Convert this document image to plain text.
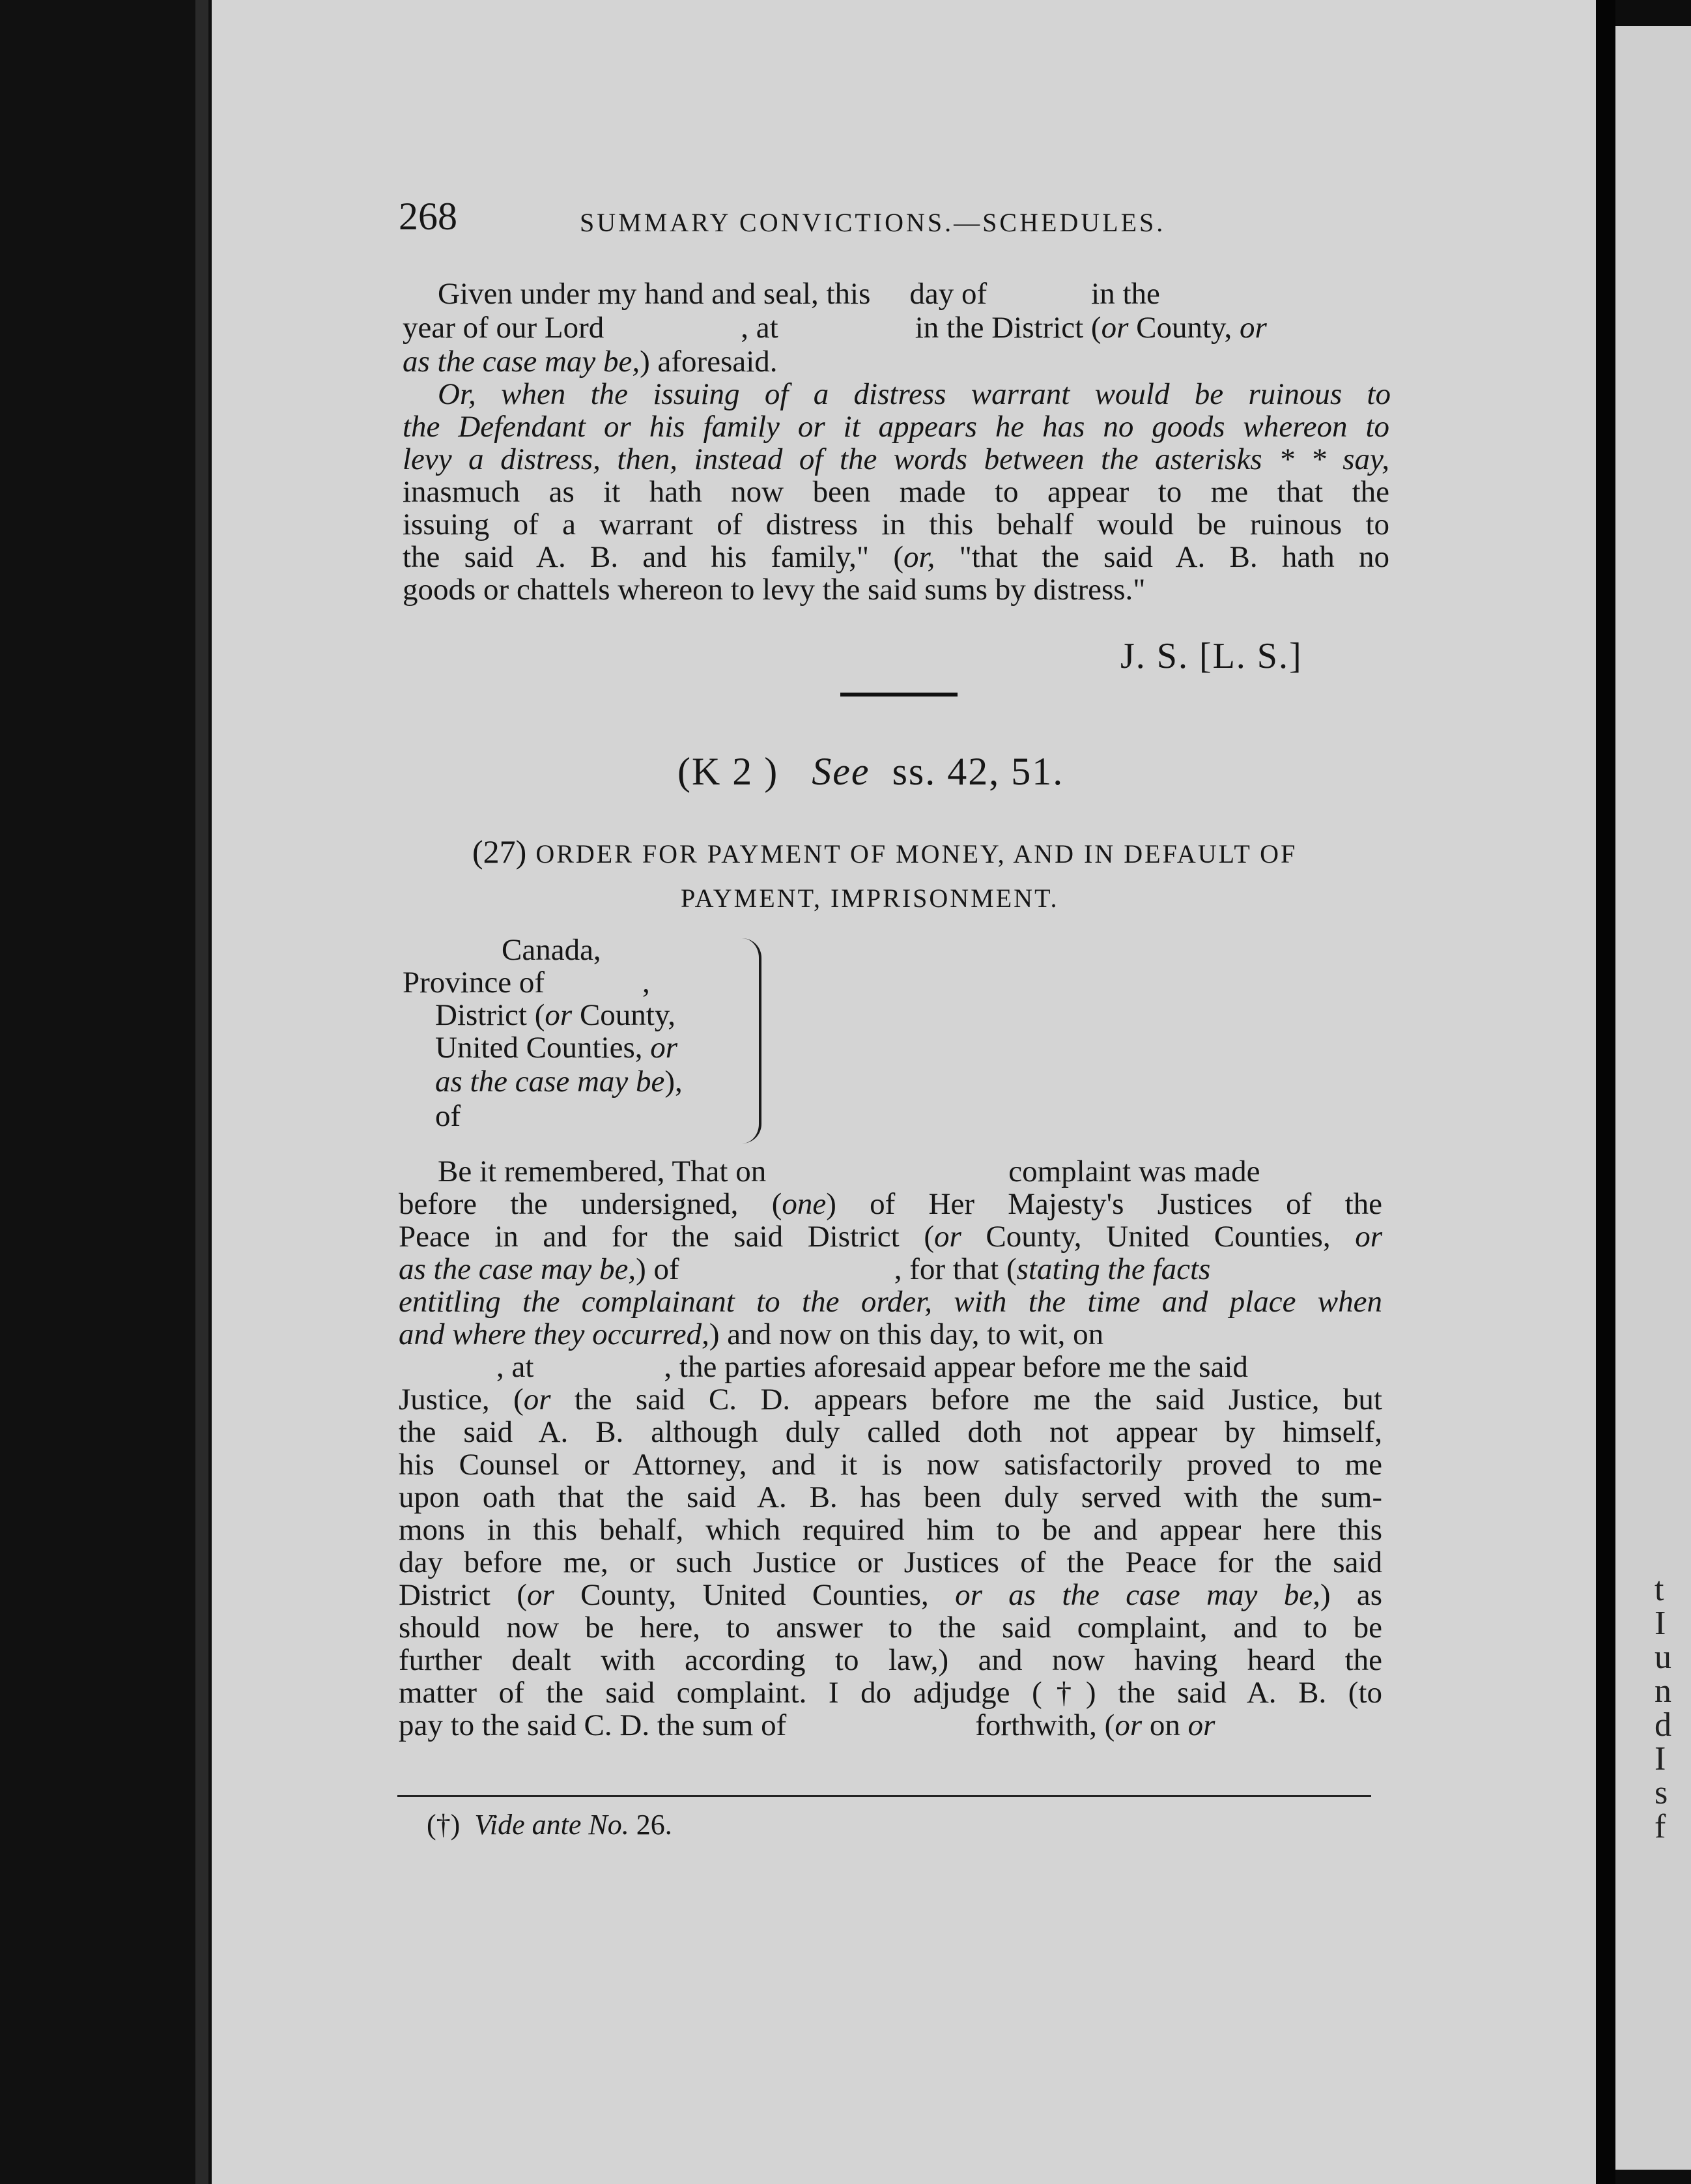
t
I
u
n
d
I
s
f
268	SUMMARY CONVICTIONS.—SCHEDULES.
Given under my hand and seal, this day of	in the
year of our Lord	, at	in the District (or County, or
as the case may be,) aforesaid.
Or, when the issuing of a distress warrant would be ruinous to
the Defendant or his family or it appears he has no goods whereon to
levy a distress, then, instead of the words between the asterisks * * say,
inasmuch as it hath now been made to appear to me that the
issuing of a warrant of distress in this behalf would be ruinous to
the said A. B. and his family," (or, "that the said A. B. hath no
goods or chattels whereon to levy the said sums by distress."
J. S. [L. S.]
(K 2 ) See ss. 42, 51.
(27) ORDER FOR PAYMENT OF MONEY, AND IN DEFAULT OF
PAYMENT, IMPRISONMENT.
Canada,
Province of	,
District (or County,
United Counties, or
as the case may be),
of
Be it remembered, That on	complaint was made
before the undersigned, (one) of Her Majesty's Justices of the
Peace in and for the said District (or County, United Counties, or
as the case may be,) of	, for that (stating the facts
entitling the complainant to the order, with the time and place when
and where they occurred,) and now on this day, to wit, on
, at	, the parties aforesaid appear before me the said
Justice, (or the said C. D. appears before me the said Justice, but
the said A. B. although duly called doth not appear by himself,
his Counsel or Attorney, and it is now satisfactorily proved to me
upon oath that the said A. B. has been duly served with the sum-
mons in this behalf, which required him to be and appear here this
day before me, or such Justice or Justices of the Peace for the said
District (or County, United Counties, or as the case may be,) as
should now be here, to answer to the said complaint, and to be
further dealt with according to law,) and now having heard the
matter of the said complaint. I do adjudge (†) the said A. B. (to
pay to the said C. D. the sum of	forthwith, (or on or
(†) Vide ante No. 26.
